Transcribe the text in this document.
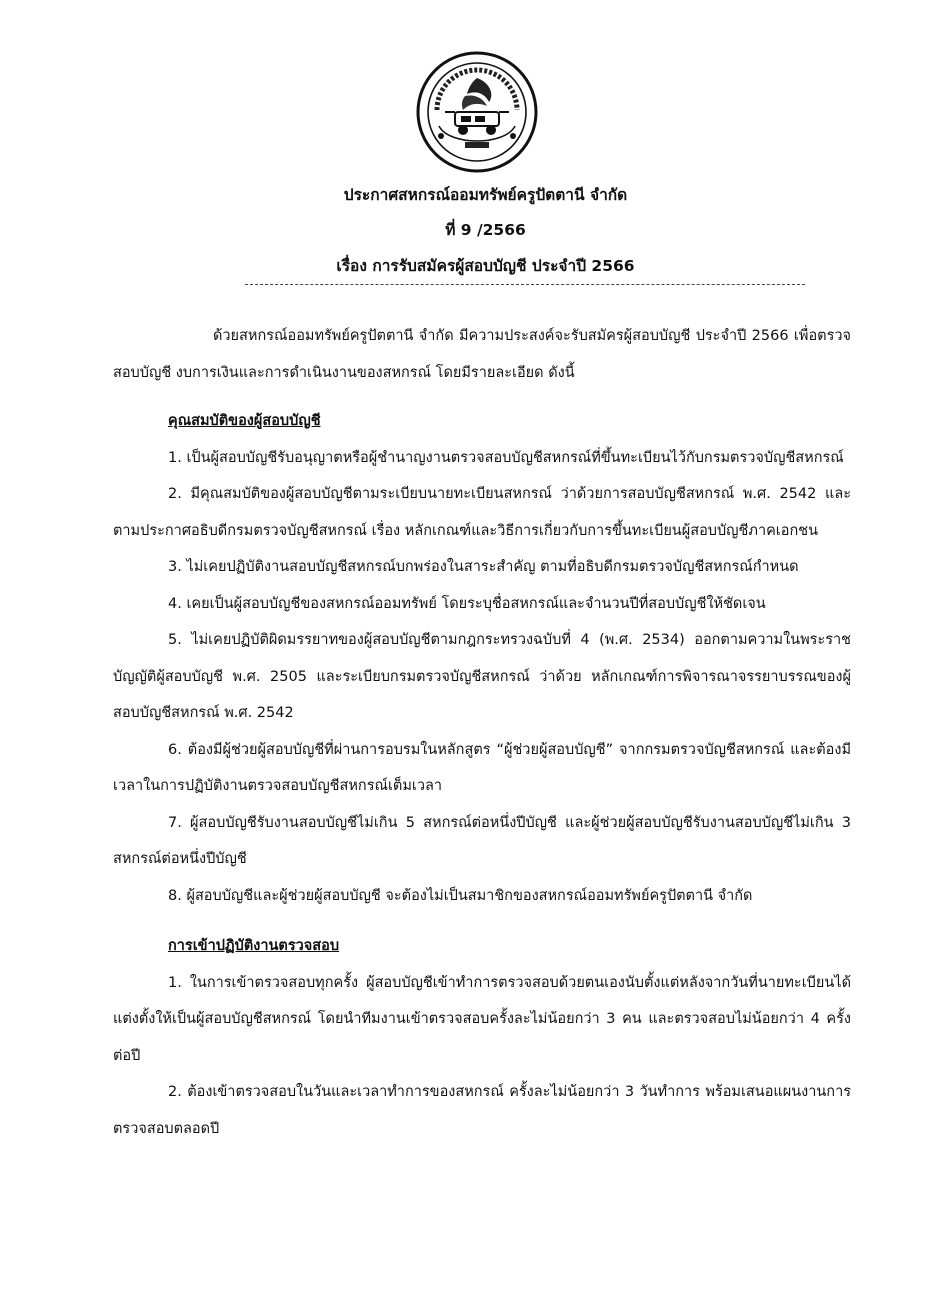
ประกาศสหกรณ์ออมทรัพย์ครูปัตตานี จำกัด
ที่ 9 /2566
เรื่อง การรับสมัครผู้สอบบัญชี ประจำปี 2566

ด้วยสหกรณ์ออมทรัพย์ครูปัตตานี จำกัด มีความประสงค์จะรับสมัครผู้สอบบัญชี ประจำปี 2566 เพื่อตรวจสอบบัญชี งบการเงินและการดำเนินงานของสหกรณ์ โดยมีรายละเอียด ดังนี้

คุณสมบัติของผู้สอบบัญชี

1. เป็นผู้สอบบัญชีรับอนุญาตหรือผู้ชำนาญงานตรวจสอบบัญชีสหกรณ์ที่ขึ้นทะเบียนไว้กับกรมตรวจบัญชีสหกรณ์

2. มีคุณสมบัติของผู้สอบบัญชีตามระเบียบนายทะเบียนสหกรณ์ ว่าด้วยการสอบบัญชีสหกรณ์ พ.ศ. 2542 และตามประกาศอธิบดีกรมตรวจบัญชีสหกรณ์ เรื่อง หลักเกณฑ์และวิธีการเกี่ยวกับการขึ้นทะเบียนผู้สอบบัญชีภาคเอกชน

3. ไม่เคยปฏิบัติงานสอบบัญชีสหกรณ์บกพร่องในสาระสำคัญ ตามที่อธิบดีกรมตรวจบัญชีสหกรณ์กำหนด

4. เคยเป็นผู้สอบบัญชีของสหกรณ์ออมทรัพย์ โดยระบุชื่อสหกรณ์และจำนวนปีที่สอบบัญชีให้ชัดเจน

5. ไม่เคยปฏิบัติผิดมรรยาทของผู้สอบบัญชีตามกฎกระทรวงฉบับที่ 4 (พ.ศ. 2534) ออกตามความในพระราชบัญญัติผู้สอบบัญชี พ.ศ. 2505 และระเบียบกรมตรวจบัญชีสหกรณ์ ว่าด้วย หลักเกณฑ์การพิจารณาจรรยาบรรณของผู้สอบบัญชีสหกรณ์ พ.ศ. 2542

6. ต้องมีผู้ช่วยผู้สอบบัญชีที่ผ่านการอบรมในหลักสูตร “ผู้ช่วยผู้สอบบัญชี” จากกรมตรวจบัญชีสหกรณ์ และต้องมีเวลาในการปฏิบัติงานตรวจสอบบัญชีสหกรณ์เต็มเวลา

7. ผู้สอบบัญชีรับงานสอบบัญชีไม่เกิน 5 สหกรณ์ต่อหนึ่งปีบัญชี และผู้ช่วยผู้สอบบัญชีรับงานสอบบัญชีไม่เกิน 3 สหกรณ์ต่อหนึ่งปีบัญชี

8. ผู้สอบบัญชีและผู้ช่วยผู้สอบบัญชี จะต้องไม่เป็นสมาชิกของสหกรณ์ออมทรัพย์ครูปัตตานี จำกัด

การเข้าปฏิบัติงานตรวจสอบ

1. ในการเข้าตรวจสอบทุกครั้ง ผู้สอบบัญชีเข้าทำการตรวจสอบด้วยตนเองนับตั้งแต่หลังจากวันที่นายทะเบียนได้แต่งตั้งให้เป็นผู้สอบบัญชีสหกรณ์ โดยนำทีมงานเข้าตรวจสอบครั้งละไม่น้อยกว่า 3 คน และตรวจสอบไม่น้อยกว่า 4 ครั้งต่อปี

2. ต้องเข้าตรวจสอบในวันและเวลาทำการของสหกรณ์ ครั้งละไม่น้อยกว่า 3 วันทำการ พร้อมเสนอแผนงานการตรวจสอบตลอดปี
